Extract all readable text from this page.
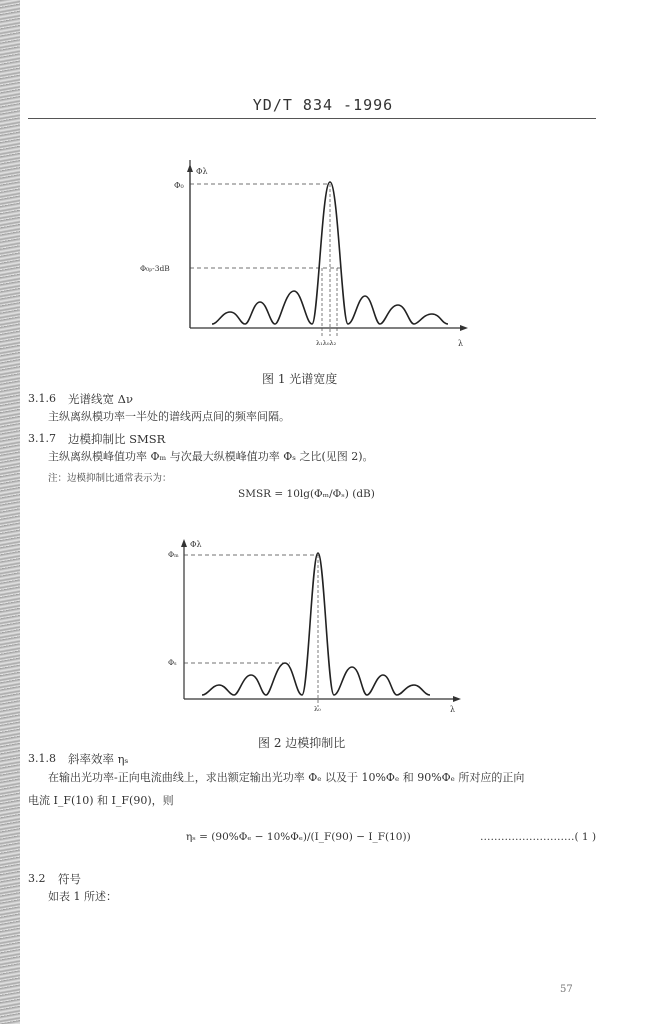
YD/T 834 -1996
Φλ
Φ₀
Φ₀ₚ-3dB
λ₁λ₀λ₂	λ
图 1 光谱宽度
3.1.6 光谱线宽 Δν
主纵离纵模功率一半处的谱线两点间的频率间隔。
3.1.7 边模抑制比 SMSR
主纵离纵模峰值功率 Φₘ 与次最大纵模峰值功率 Φₛ 之比(见图 2)。
注：边模抑制比通常表示为：
SMSR = 10lg(Φₘ/Φₛ) (dB)
Φλ
Φₘ
Φₛ
λ₀	λ
图 2 边模抑制比
3.1.8 斜率效率 ηₛ
在输出光功率-正向电流曲线上，求出额定输出光功率 Φₑ 以及于 10%Φₑ 和 90%Φₑ 所对应的正向
电流 I_F(10) 和 I_F(90)，则
ηₛ = (90%Φₑ − 10%Φₑ)/(I_F(90) − I_F(10))	………………………( 1 )
3.2 符号
如表 1 所述：
57
